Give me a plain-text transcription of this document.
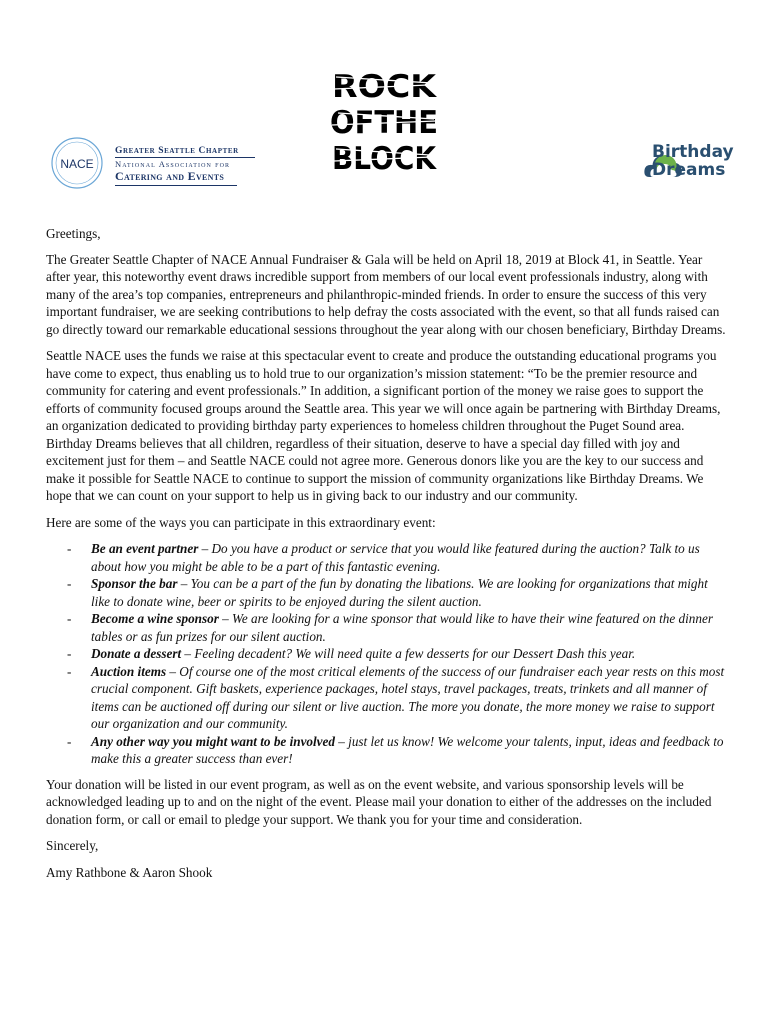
NACE
Greater Seattle Chapter
National Association for
Catering and Events
ROCK
OFTHE
BLOCK	Birthday
Dreams

Greetings,

The Greater Seattle Chapter of NACE Annual Fundraiser & Gala will be held on April 18, 2019 at Block 41, in Seattle. Year after year, this noteworthy event draws incredible support from members of our local event professionals industry, along with many of the area’s top companies, entrepreneurs and philanthropic-minded friends. In order to ensure the success of this very important fundraiser, we are seeking contributions to help defray the costs associated with the event, so that all funds raised can go directly toward our remarkable educational sessions throughout the year along with our chosen beneficiary, Birthday Dreams.

Seattle NACE uses the funds we raise at this spectacular event to create and produce the outstanding educational programs you have come to expect, thus enabling us to hold true to our organization’s mission statement: “To be the premier resource and community for catering and event professionals.” In addition, a significant portion of the money we raise goes to support the efforts of community focused groups around the Seattle area. This year we will once again be partnering with Birthday Dreams, an organization dedicated to providing birthday party experiences to homeless children throughout the Puget Sound area. Birthday Dreams believes that all children, regardless of their situation, deserve to have a special day filled with joy and excitement just for them – and Seattle NACE could not agree more. Generous donors like you are the key to our success and make it possible for Seattle NACE to continue to support the mission of community organizations like Birthday Dreams. We hope that we can count on your support to help us in giving back to our industry and our community.

Here are some of the ways you can participate in this extraordinary event:

- Be an event partner – Do you have a product or service that you would like featured during the auction? Talk to us about how you might be able to be a part of this fantastic evening.
- Sponsor the bar – You can be a part of the fun by donating the libations. We are looking for organizations that might like to donate wine, beer or spirits to be enjoyed during the silent auction.
- Become a wine sponsor – We are looking for a wine sponsor that would like to have their wine featured on the dinner tables or as fun prizes for our silent auction.
- Donate a dessert – Feeling decadent? We will need quite a few desserts for our Dessert Dash this year.
- Auction items – Of course one of the most critical elements of the success of our fundraiser each year rests on this most crucial component. Gift baskets, experience packages, hotel stays, travel packages, treats, trinkets and all manner of items can be auctioned off during our silent or live auction. The more you donate, the more money we raise to support our organization and our community.
- Any other way you might want to be involved – just let us know! We welcome your talents, input, ideas and feedback to make this a greater success than ever!

Your donation will be listed in our event program, as well as on the event website, and various sponsorship levels will be acknowledged leading up to and on the night of the event. Please mail your donation to either of the addresses on the included donation form, or call or email to pledge your support. We thank you for your time and consideration.

Sincerely,

Amy Rathbone & Aaron Shook
